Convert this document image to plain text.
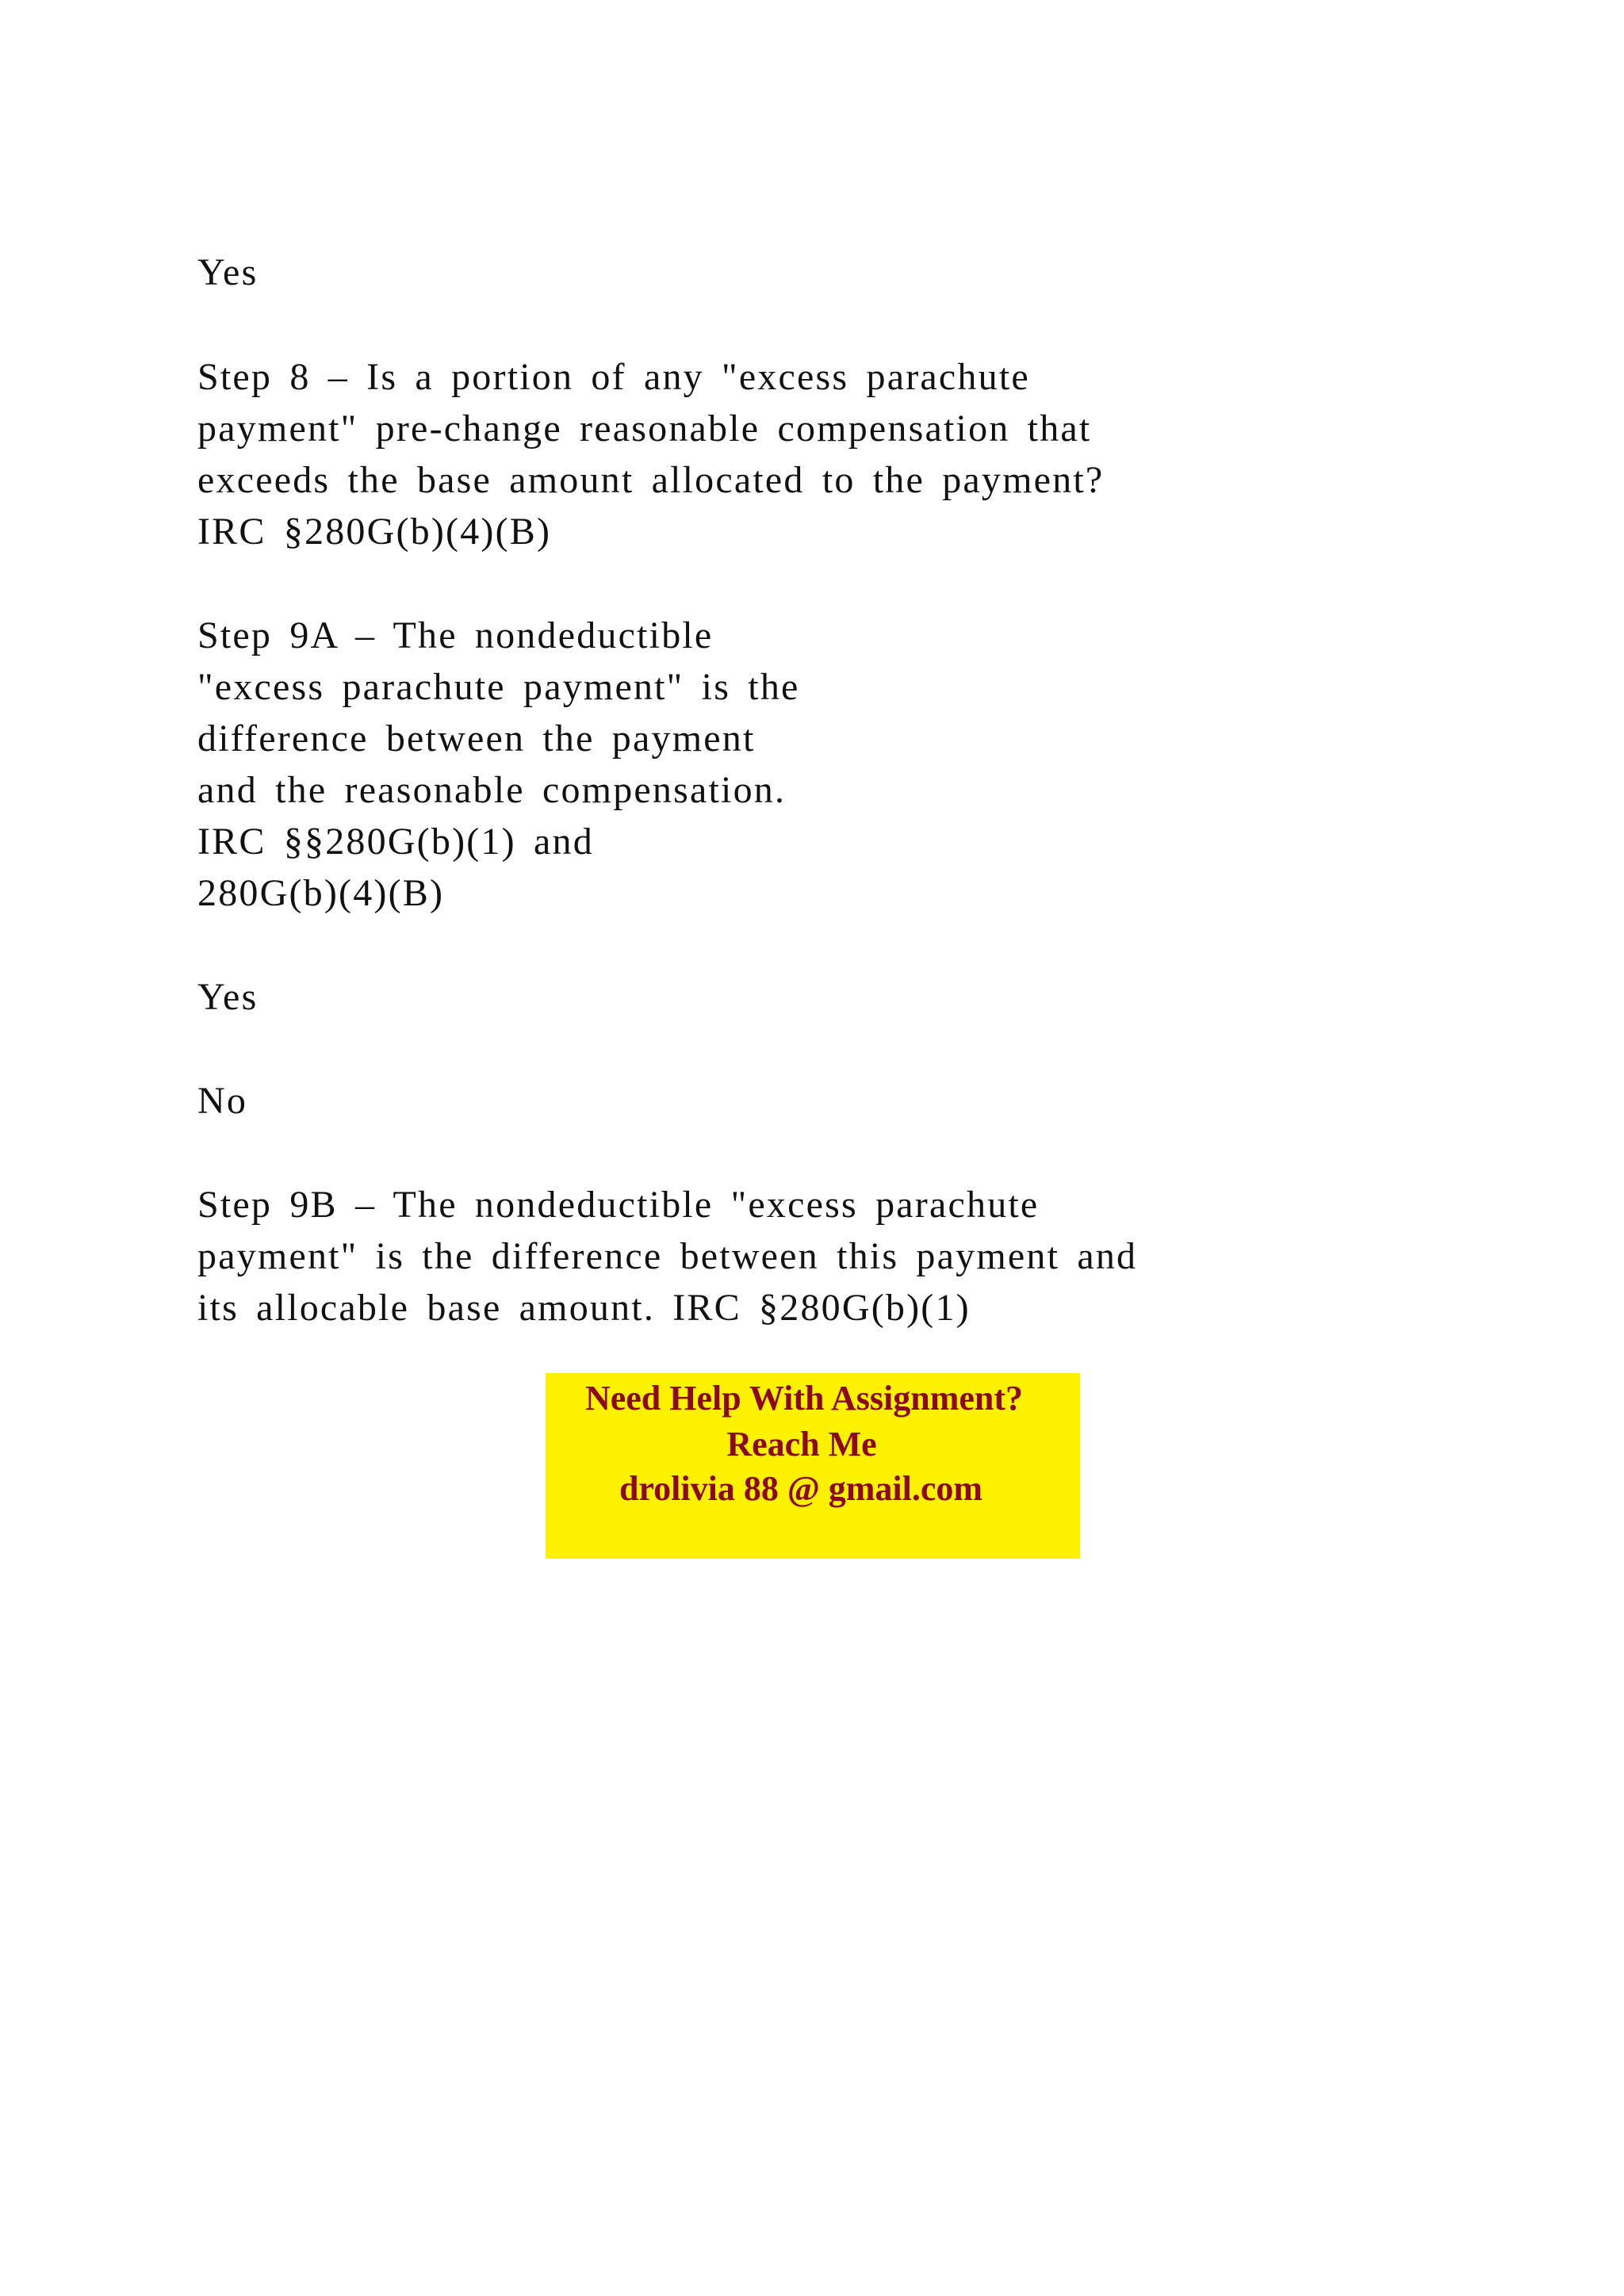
Yes
Step 8 – Is a portion of any "excess parachute
payment" pre-change reasonable compensation that
exceeds the base amount allocated to the payment?
IRC §280G(b)(4)(B)
Step 9A – The nondeductible
"excess parachute payment" is the
difference between the payment
and the reasonable compensation.
IRC §§280G(b)(1) and
280G(b)(4)(B)
Yes
No
Step 9B – The nondeductible "excess parachute
payment" is the difference between this payment and
its allocable base amount. IRC §280G(b)(1)
Need Help With Assignment?
Reach Me
drolivia 88 @ gmail.com
